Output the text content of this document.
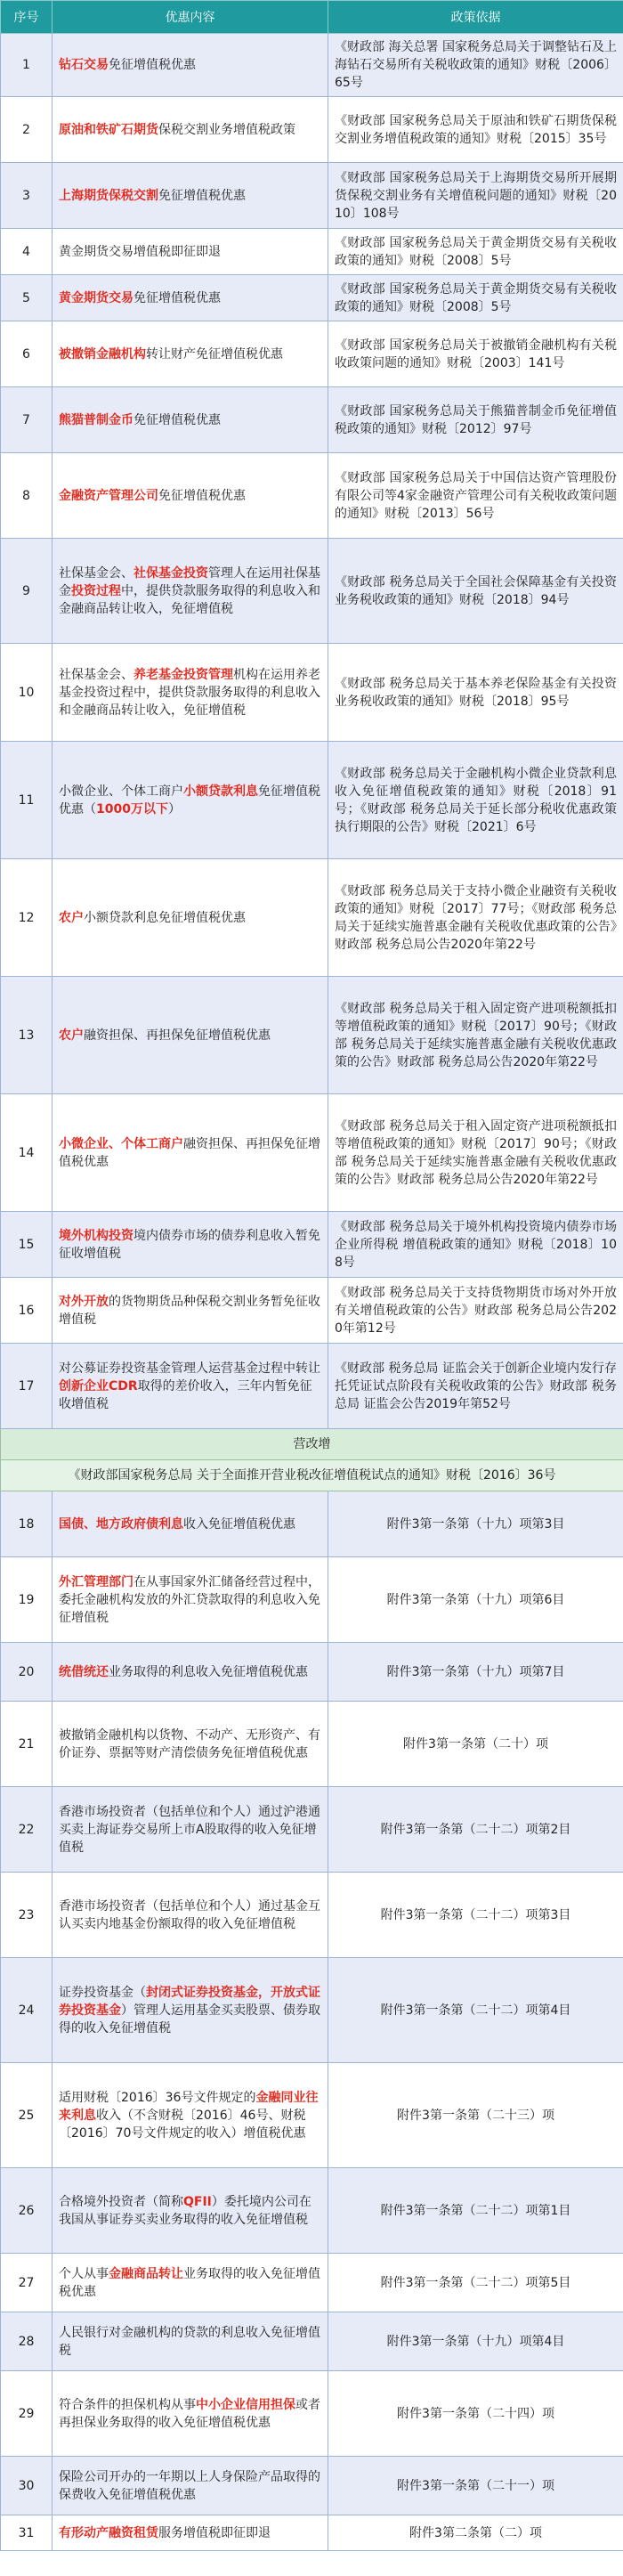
序号	优惠内容	政策依据
1	钻石交易免征增值税优惠	《财政部 海关总署 国家税务总局关于调整钻石及上海钻石交易所有关税收政策的通知》财税〔2006〕65号
2	原油和铁矿石期货保税交割业务增值税政策	《财政部 国家税务总局关于原油和铁矿石期货保税交割业务增值税政策的通知》财税〔2015〕35号
3	上海期货保税交割免征增值税优惠	《财政部 国家税务总局关于上海期货交易所开展期货保税交割业务有关增值税问题的通知》财税〔2010〕108号
4	黄金期货交易增值税即征即退	《财政部 国家税务总局关于黄金期货交易有关税收政策的通知》财税〔2008〕5号
5	黄金期货交易免征增值税优惠	《财政部 国家税务总局关于黄金期货交易有关税收政策的通知》财税〔2008〕5号
6	被撤销金融机构转让财产免征增值税优惠	《财政部 国家税务总局关于被撤销金融机构有关税收政策问题的通知》财税〔2003〕141号
7	熊猫普制金币免征增值税优惠	《财政部 国家税务总局关于熊猫普制金币免征增值税政策的通知》财税〔2012〕97号
8	金融资产管理公司免征增值税优惠	《财政部 国家税务总局关于中国信达资产管理股份有限公司等4家金融资产管理公司有关税收政策问题的通知》财税〔2013〕56号
9	社保基金会、社保基金投资管理人在运用社保基金投资过程中，提供贷款服务取得的利息收入和金融商品转让收入，免征增值税	《财政部 税务总局关于全国社会保障基金有关投资业务税收政策的通知》财税〔2018〕94号
10	社保基金会、养老基金投资管理机构在运用养老基金投资过程中，提供贷款服务取得的利息收入和金融商品转让收入，免征增值税	《财政部 税务总局关于基本养老保险基金有关投资业务税收政策的通知》财税〔2018〕95号
11	小微企业、个体工商户小额贷款利息免征增值税优惠（1000万以下）	《财政部 税务总局关于金融机构小微企业贷款利息收入免征增值税政策的通知》财税〔2018〕91号；《财政部 税务总局关于延长部分税收优惠政策执行期限的公告》财税〔2021〕6号
12	农户小额贷款利息免征增值税优惠	《财政部 税务总局关于支持小微企业融资有关税收政策的通知》财税〔2017〕77号；《财政部 税务总局关于延续实施普惠金融有关税收优惠政策的公告》财政部 税务总局公告2020年第22号
13	农户融资担保、再担保免征增值税优惠	《财政部 税务总局关于租入固定资产进项税额抵扣等增值税政策的通知》财税〔2017〕90号；《财政部 税务总局关于延续实施普惠金融有关税收优惠政策的公告》财政部 税务总局公告2020年第22号
14	小微企业、个体工商户融资担保、再担保免征增值税优惠	《财政部 税务总局关于租入固定资产进项税额抵扣等增值税政策的通知》财税〔2017〕90号；《财政部 税务总局关于延续实施普惠金融有关税收优惠政策的公告》财政部 税务总局公告2020年第22号
15	境外机构投资境内债券市场的债券利息收入暂免征收增值税	《财政部 税务总局关于境外机构投资境内债券市场企业所得税 增值税政策的通知》财税〔2018〕108号
16	对外开放的货物期货品种保税交割业务暂免征收增值税	《财政部 税务总局关于支持货物期货市场对外开放有关增值税政策的公告》财政部 税务总局公告2020年第12号
17	对公募证券投资基金管理人运营基金过程中转让创新企业CDR取得的差价收入，三年内暂免征收增值税	《财政部 税务总局 证监会关于创新企业境内发行存托凭证试点阶段有关税收政策的公告》财政部 税务总局 证监会公告2019年第52号
营改增		
《财政部国家税务总局 关于全面推开营业税改征增值税试点的通知》财税〔2016〕36号		
18	国债、地方政府债利息收入免征增值税优惠	附件3第一条第（十九）项第3目
19	外汇管理部门在从事国家外汇储备经营过程中，委托金融机构发放的外汇贷款取得的利息收入免征增值税	附件3第一条第（十九）项第6目
20	统借统还业务取得的利息收入免征增值税优惠	附件3第一条第（十九）项第7目
21	被撤销金融机构以货物、不动产、无形资产、有价证券、票据等财产清偿债务免征增值税优惠	附件3第一条第（二十）项
22	香港市场投资者（包括单位和个人）通过沪港通买卖上海证券交易所上市A股取得的收入免征增值税	附件3第一条第（二十二）项第2目
23	香港市场投资者（包括单位和个人）通过基金互认买卖内地基金份额取得的收入免征增值税	附件3第一条第（二十二）项第3目
24	证券投资基金（封闭式证券投资基金，开放式证券投资基金）管理人运用基金买卖股票、债券取得的收入免征增值税	附件3第一条第（二十二）项第4目
25	适用财税〔2016〕36号文件规定的金融同业往来利息收入（不含财税〔2016〕46号、财税〔2016〕70号文件规定的收入）增值税优惠	附件3第一条第（二十三）项
26	合格境外投资者（简称QFII）委托境内公司在我国从事证券买卖业务取得的收入免征增值税	附件3第一条第（二十二）项第1目
27	个人从事金融商品转让业务取得的收入免征增值税优惠	附件3第一条第（二十二）项第5目
28	人民银行对金融机构的贷款的利息收入免征增值税	附件3第一条第（十九）项第4目
29	符合条件的担保机构从事中小企业信用担保或者再担保业务取得的收入免征增值税优惠	附件3第一条第（二十四）项
30	保险公司开办的一年期以上人身保险产品取得的保费收入免征增值税优惠	附件3第一条第（二十一）项
31	有形动产融资租赁服务增值税即征即退	附件3第二条第（二）项
